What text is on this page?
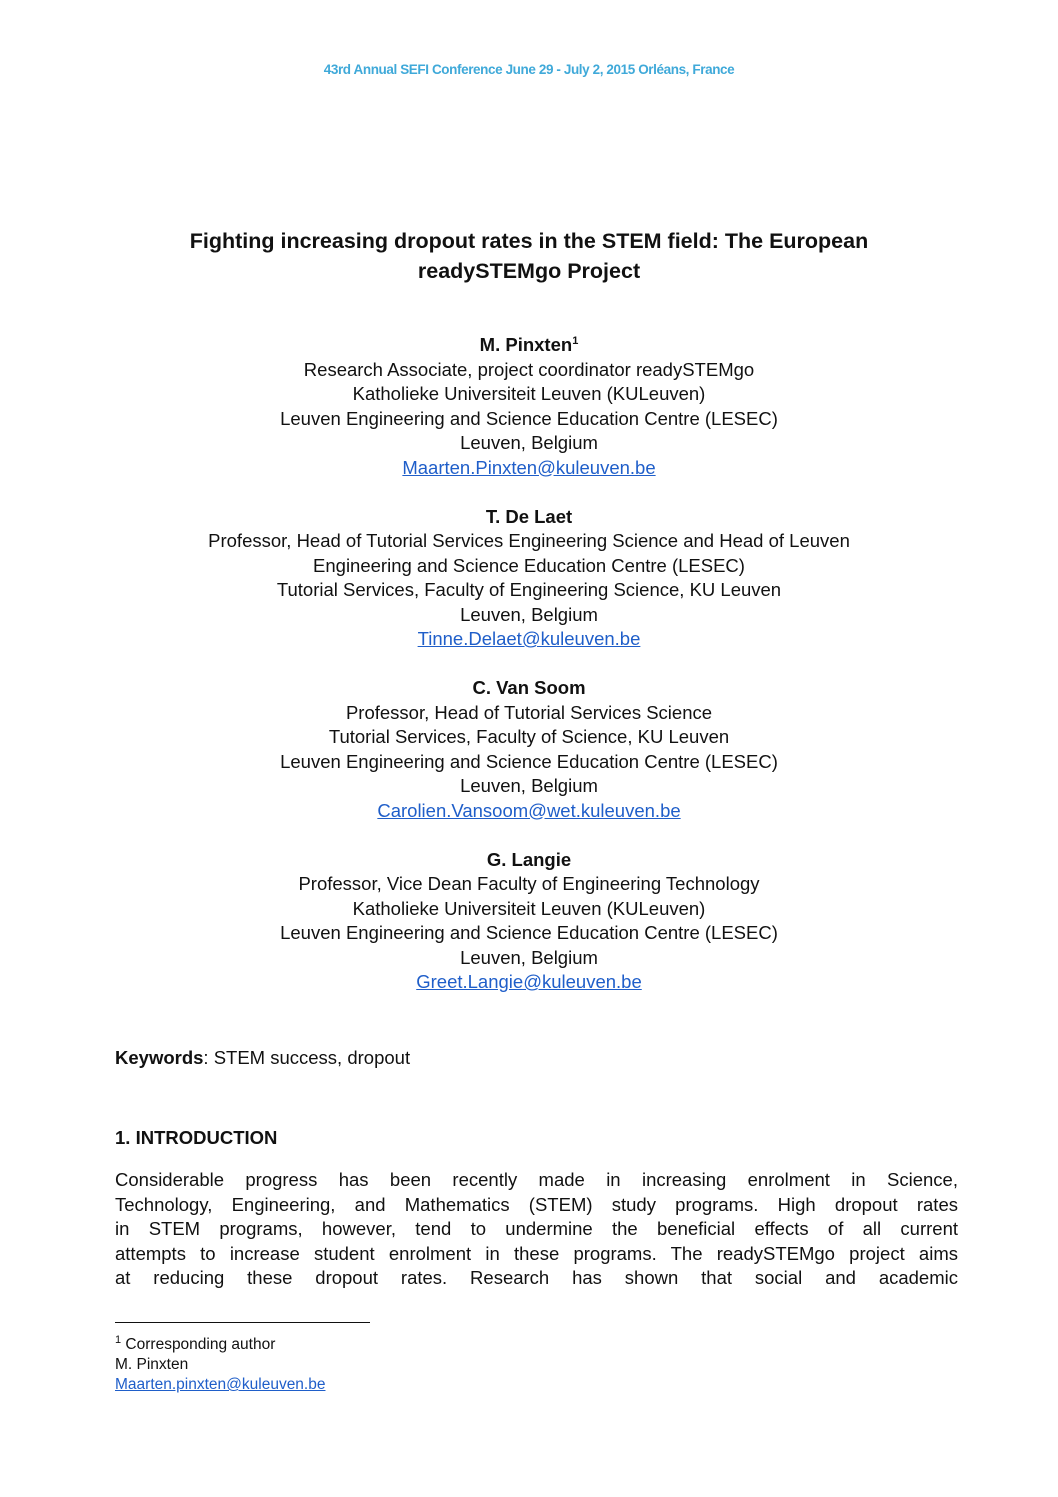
43rd Annual SEFI Conference June 29 - July 2, 2015 Orléans, France
Fighting increasing dropout rates in the STEM field: The European
readySTEMgo Project
M. Pinxten$^1$
Research Associate, project coordinator readySTEMgo
Katholieke Universiteit Leuven (KULeuven)
Leuven Engineering and Science Education Centre (LESEC)
Leuven, Belgium
Maarten.Pinxten@kuleuven.be
T. De Laet
Professor, Head of Tutorial Services Engineering Science and Head of Leuven
Engineering and Science Education Centre (LESEC)
Tutorial Services, Faculty of Engineering Science, KU Leuven
Leuven, Belgium
Tinne.Delaet@kuleuven.be
C. Van Soom
Professor, Head of Tutorial Services Science
Tutorial Services, Faculty of Science, KU Leuven
Leuven Engineering and Science Education Centre (LESEC)
Leuven, Belgium
Carolien.Vansoom@wet.kuleuven.be
G. Langie
Professor, Vice Dean Faculty of Engineering Technology
Katholieke Universiteit Leuven (KULeuven)
Leuven Engineering and Science Education Centre (LESEC)
Leuven, Belgium
Greet.Langie@kuleuven.be
Keywords: STEM success, dropout
1. INTRODUCTION

Considerable progress has been recently made in increasing enrolment in Science,
Technology, Engineering, and Mathematics (STEM) study programs. High dropout rates
in STEM programs, however, tend to undermine the beneficial effects of all current
attempts to increase student enrolment in these programs. The readySTEMgo project aims
at reducing these dropout rates. Research has shown that social and academic

$^1$ Corresponding author
M. Pinxten
Maarten.pinxten@kuleuven.be
